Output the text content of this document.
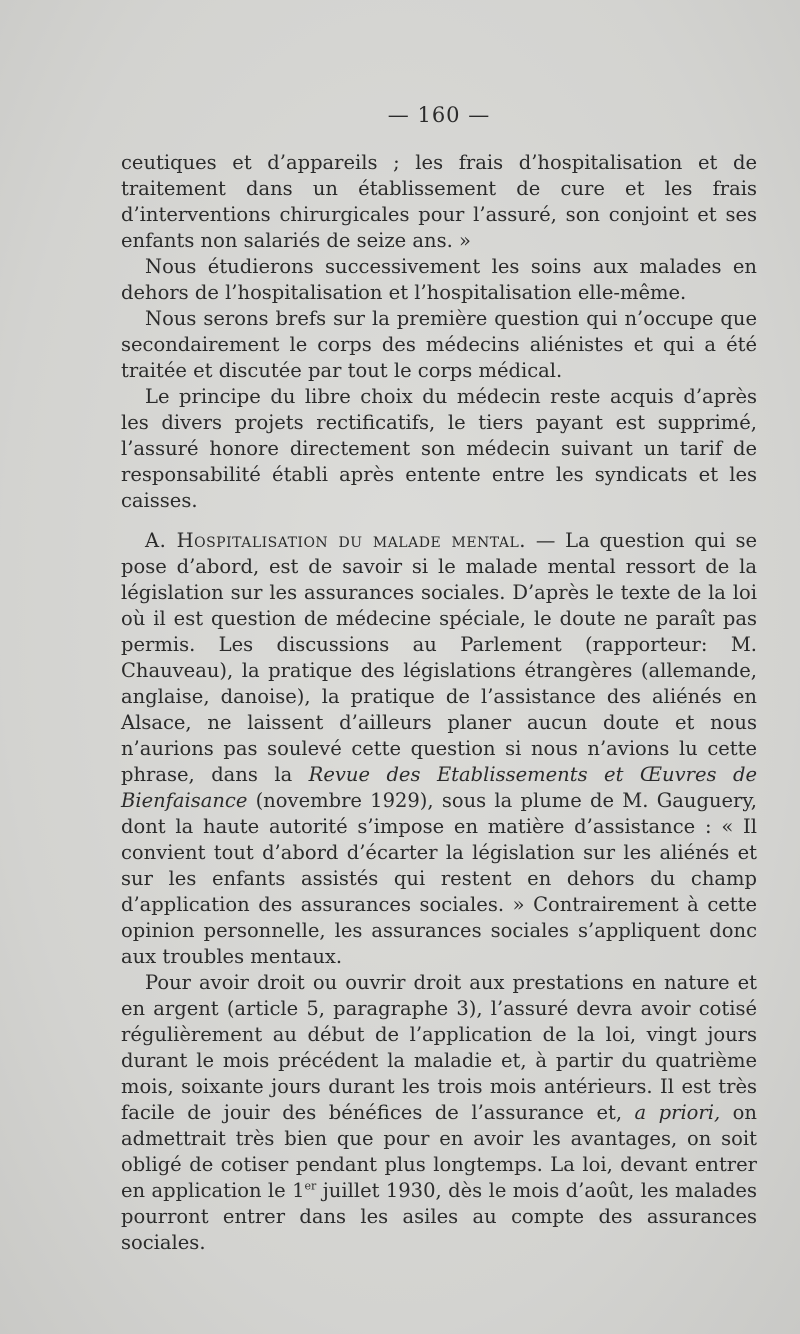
— 160 —

ceutiques et d’appareils ; les frais d’hospitalisation et de traitement dans un établissement de cure et les frais d’interventions chirurgicales pour l’assuré, son conjoint et ses enfants non salariés de seize ans. »

Nous étudierons successivement les soins aux malades en dehors de l’hospitalisation et l’hospitalisation elle-même.

Nous serons brefs sur la première question qui n’occupe que secondairement le corps des médecins aliénistes et qui a été traitée et discutée par tout le corps médical.

Le principe du libre choix du médecin reste acquis d’après les divers projets rectificatifs, le tiers payant est supprimé, l’assuré honore directement son médecin suivant un tarif de responsabilité établi après entente entre les syndicats et les caisses.

A. Hospitalisation du malade mental. — La question qui se pose d’abord, est de savoir si le malade mental ressort de la législation sur les assurances sociales. D’après le texte de la loi où il est question de médecine spéciale, le doute ne paraît pas permis. Les discussions au Parlement (rapporteur: M. Chauveau), la pratique des législations étrangères (allemande, anglaise, danoise), la pratique de l’assistance des aliénés en Alsace, ne laissent d’ailleurs planer aucun doute et nous n’aurions pas soulevé cette question si nous n’avions lu cette phrase, dans la Revue des Etablissements et Œuvres de Bienfaisance (novembre 1929), sous la plume de M. Gauguery, dont la haute autorité s’impose en matière d’assistance : « Il convient tout d’abord d’écarter la législation sur les aliénés et sur les enfants assistés qui restent en dehors du champ d’application des assurances sociales. » Contrairement à cette opinion personnelle, les assurances sociales s’appliquent donc aux troubles mentaux.

Pour avoir droit ou ouvrir droit aux prestations en nature et en argent (article 5, paragraphe 3), l’assuré devra avoir cotisé régulièrement au début de l’application de la loi, vingt jours durant le mois précédent la maladie et, à partir du quatrième mois, soixante jours durant les trois mois antérieurs. Il est très facile de jouir des bénéfices de l’assurance et, a priori, on admettrait très bien que pour en avoir les avantages, on soit obligé de cotiser pendant plus longtemps. La loi, devant entrer en application le 1er juillet 1930, dès le mois d’août, les malades pourront entrer dans les asiles au compte des assurances sociales.
